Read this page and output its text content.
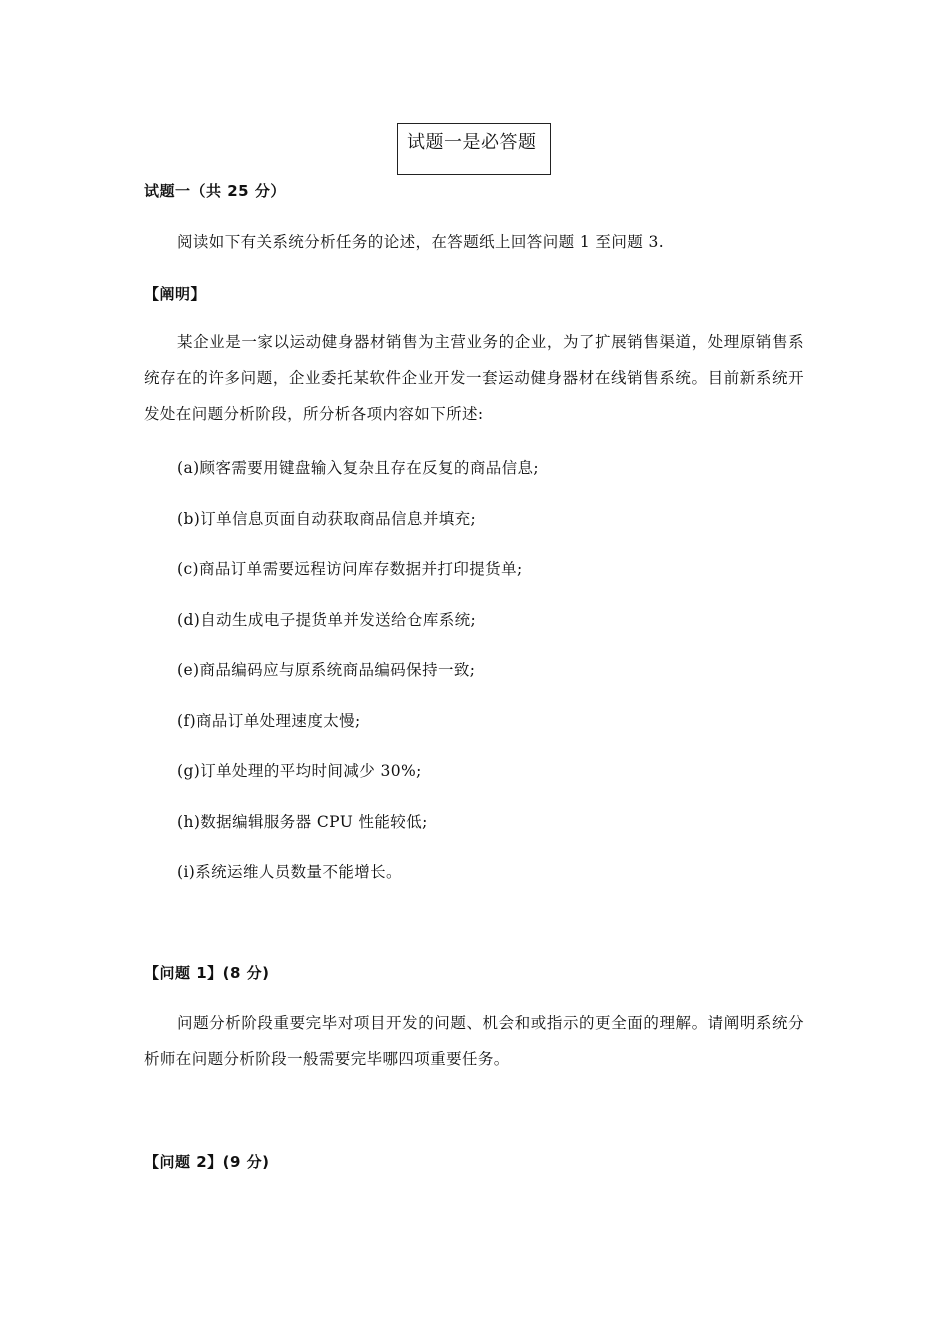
试题一是必答题
试题一（共 25 分）
阅读如下有关系统分析任务的论述，在答题纸上回答问题 1 至问题 3.
【阐明】
某企业是一家以运动健身器材销售为主营业务的企业，为了扩展销售渠道，处理原销售系统存在的许多问题，企业委托某软件企业开发一套运动健身器材在线销售系统。目前新系统开发处在问题分析阶段，所分析各项内容如下所述:
(a)顾客需要用键盘输入复杂且存在反复的商品信息;
(b)订单信息页面自动获取商品信息并填充;
(c)商品订单需要远程访问库存数据并打印提货单;
(d)自动生成电子提货单并发送给仓库系统;
(e)商品编码应与原系统商品编码保持一致;
(f)商品订单处理速度太慢;
(g)订单处理的平均时间减少 30%;
(h)数据编辑服务器 CPU 性能较低;
(i)系统运维人员数量不能增长。
【问题 1】(8 分)
问题分析阶段重要完毕对项目开发的问题、机会和或指示的更全面的理解。请阐明系统分析师在问题分析阶段一般需要完毕哪四项重要任务。
【问题 2】(9 分)
